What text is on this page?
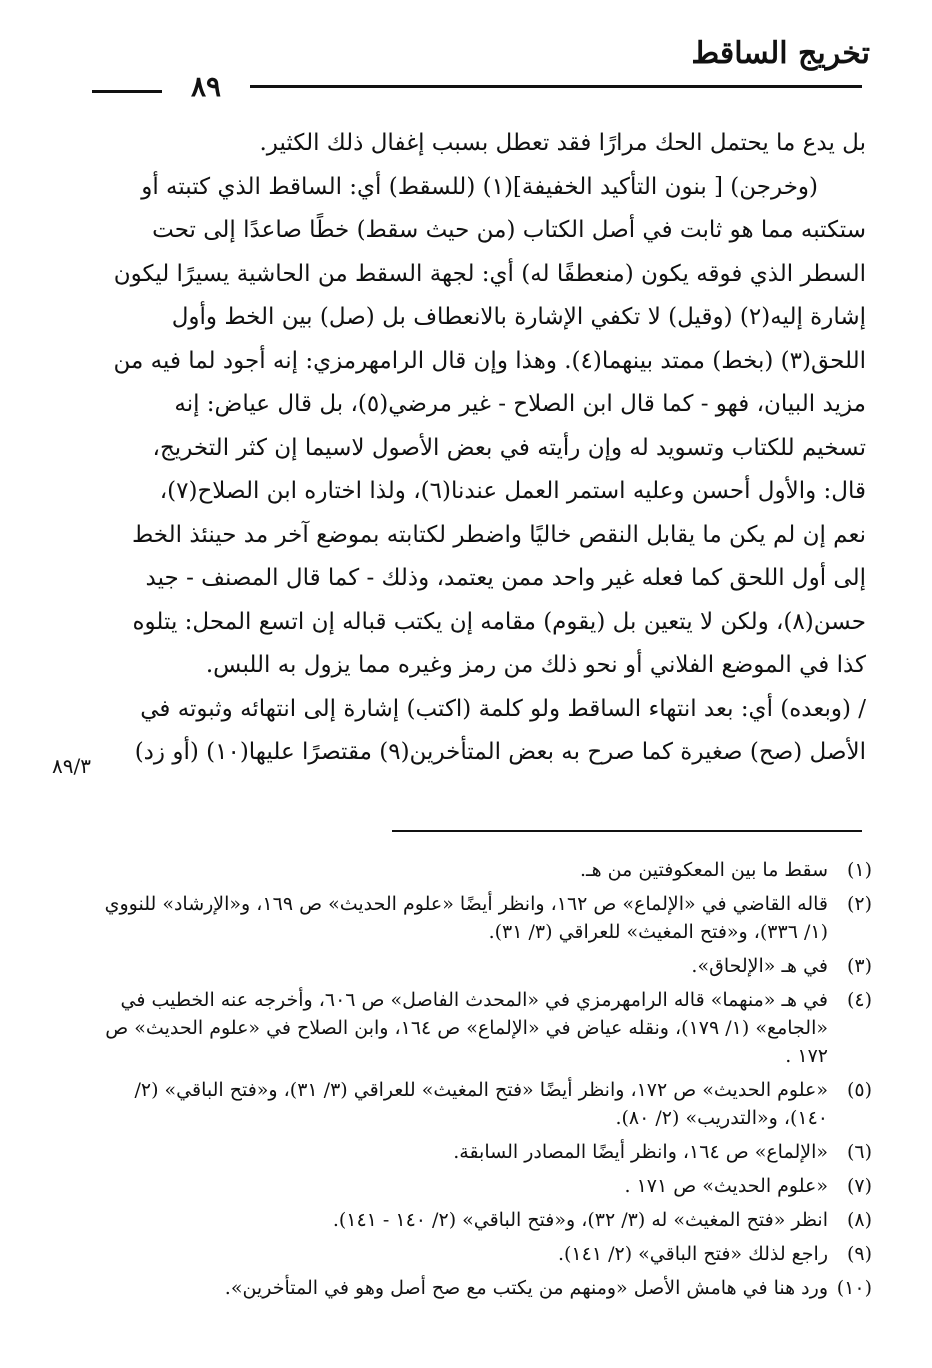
تخريج الساقط
٨٩
بل يدع ما يحتمل الحك مرارًا فقد تعطل بسبب إغفال ذلك الكثير.
(وخرجن) [ بنون التأكيد الخفيفة](١) (للسقط) أي: الساقط الذي كتبته أو
ستكتبه مما هو ثابت في أصل الكتاب (من حيث سقط) خطًا صاعدًا إلى تحت
السطر الذي فوقه يكون (منعطفًا له) أي: لجهة السقط من الحاشية يسيرًا ليكون
إشارة إليه(٢) (وقيل) لا تكفي الإشارة بالانعطاف بل (صل) بين الخط وأول
اللحق(٣) (بخط) ممتد بينهما(٤). وهذا وإن قال الرامهرمزي: إنه أجود لما فيه من
مزيد البيان، فهو - كما قال ابن الصلاح - غير مرضي(٥)، بل قال عياض: إنه
تسخيم للكتاب وتسويد له وإن رأيته في بعض الأصول لاسيما إن كثر التخريج،
قال: والأول أحسن وعليه استمر العمل عندنا(٦)، ولذا اختاره ابن الصلاح(٧)،
نعم إن لم يكن ما يقابل النقص خاليًا واضطر لكتابته بموضع آخر مد حينئذ الخط
إلى أول اللحق كما فعله غير واحد ممن يعتمد، وذلك - كما قال المصنف - جيد
حسن(٨)، ولكن لا يتعين بل (يقوم) مقامه إن يكتب قباله إن اتسع المحل: يتلوه
كذا في الموضع الفلاني أو نحو ذلك من رمز وغيره مما يزول به اللبس.
/ (وبعده) أي: بعد انتهاء الساقط ولو كلمة (اكتب) إشارة إلى انتهائه وثبوته في
الأصل (صح) صغيرة كما صرح به بعض المتأخرين(٩) مقتصرًا عليها(١٠) (أو زد)
٨٩/٣
(١)سقط ما بين المعكوفتين من هـ.
(٢)قاله القاضي في «الإلماع» ص ١٦٢، وانظر أيضًا «علوم الحديث» ص ١٦٩، و«الإرشاد» للنووي (١/ ٣٣٦)، و«فتح المغيث» للعراقي (٣/ ٣١).
(٣)في هـ «الإلحاق».
(٤)في هـ «منهما» قاله الرامهرمزي في «المحدث الفاصل» ص ٦٠٦، وأخرجه عنه الخطيب في «الجامع» (١/ ١٧٩)، ونقله عياض في «الإلماع» ص ١٦٤، وابن الصلاح في «علوم الحديث» ص ١٧٢ .
(٥)«علوم الحديث» ص ١٧٢، وانظر أيضًا «فتح المغيث» للعراقي (٣/ ٣١)، و«فتح الباقي» (٢/ ١٤٠)، و«التدريب» (٢/ ٨٠).
(٦)«الإلماع» ص ١٦٤، وانظر أيضًا المصادر السابقة.
(٧)«علوم الحديث» ص ١٧١ .
(٨)انظر «فتح المغيث» له (٣/ ٣٢)، و«فتح الباقي» (٢/ ١٤٠ - ١٤١).
(٩)راجع لذلك «فتح الباقي» (٢/ ١٤١).
(١٠)ورد هنا في هامش الأصل «ومنهم من يكتب مع صح أصل وهو في المتأخرين».
